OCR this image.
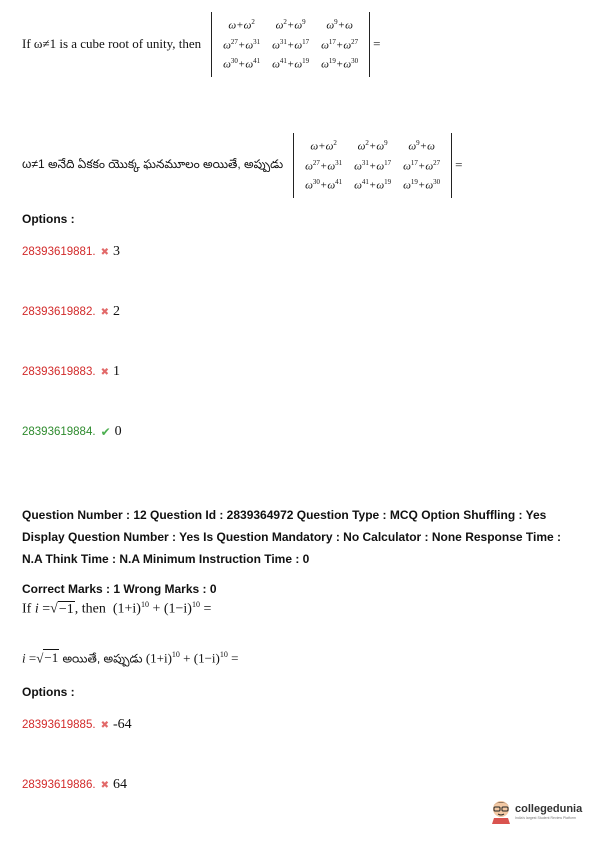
If ω≠1 is a cube root of unity, then
$\omega+\omega^2$	$\omega^2+\omega^9$	$\omega^9+\omega$
$\omega^{27}+\omega^{31}$	$\omega^{31}+\omega^{17}$	$\omega^{17}+\omega^{27}$
$\omega^{30}+\omega^{41}$	$\omega^{41}+\omega^{19}$	$\omega^{19}+\omega^{30}$
=
ω≠1 అనేది ఏకకం యొక్క ఘనమూలం అయితే, అప్పుడు
$\omega+\omega^2$	$\omega^2+\omega^9$	$\omega^9+\omega$
$\omega^{27}+\omega^{31}$	$\omega^{31}+\omega^{17}$	$\omega^{17}+\omega^{27}$
$\omega^{30}+\omega^{41}$	$\omega^{41}+\omega^{19}$	$\omega^{19}+\omega^{30}$
=
Options :
28393619881. ✖ 3
28393619882. ✖ 2
28393619883. ✖ 1
28393619884. ✔ 0
Question Number : 12 Question Id : 2839364972 Question Type : MCQ Option Shuffling : Yes Display Question Number : Yes Is Question Mandatory : No Calculator : None Response Time : N.A Think Time : N.A Minimum Instruction Time : 0
Correct Marks : 1 Wrong Marks : 0
If i =√−1, then $(1+i)^{10} + (1-i)^{10}$ =
i =√−1 అయితే, అప్పుడు $(1+i)^{10} + (1-i)^{10}$ =
Options :
28393619885. ✖ -64
28393619886. ✖ 64
collegedunia
India's largest Student Review Platform
